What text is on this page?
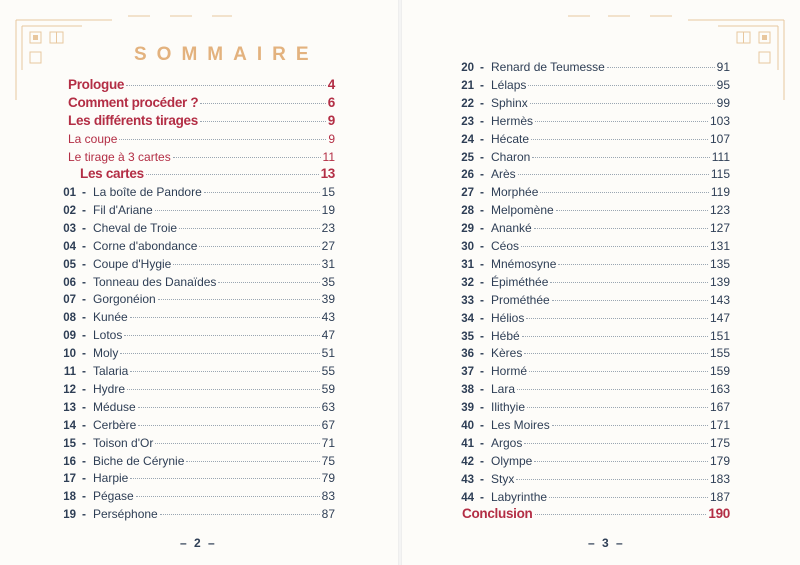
SOMMAIRE
Prologue	4
Comment procéder ?	6
Les différents tirages	9
La coupe	9
Le tirage à 3 cartes	11
Les cartes	13
01 - La boîte de Pandore	15
02 - Fil d'Ariane	19
03 - Cheval de Troie	23
04 - Corne d'abondance	27
05 - Coupe d'Hygie	31
06 - Tonneau des Danaïdes	35
07 - Gorgonéion	39
08 - Kunée	43
09 - Lotos	47
10 - Moly	51
11 - Talaria	55
12 - Hydre	59
13 - Méduse	63
14 - Cerbère	67
15 - Toison d'Or	71
16 - Biche de Cérynie	75
17 - Harpie	79
18 - Pégase	83
19 - Perséphone	87
– 2 –
20 - Renard de Teumesse	91
21 - Lélaps	95
22 - Sphinx	99
23 - Hermès	103
24 - Hécate	107
25 - Charon	111
26 - Arès	115
27 - Morphée	119
28 - Melpomène	123
29 - Ananké	127
30 - Céos	131
31 - Mnémosyne	135
32 - Épiméthée	139
33 - Prométhée	143
34 - Hélios	147
35 - Hébé	151
36 - Kères	155
37 - Hormé	159
38 - Lara	163
39 - Ilithyie	167
40 - Les Moires	171
41 - Argos	175
42 - Olympe	179
43 - Styx	183
44 - Labyrinthe	187
Conclusion	190
– 3 –
